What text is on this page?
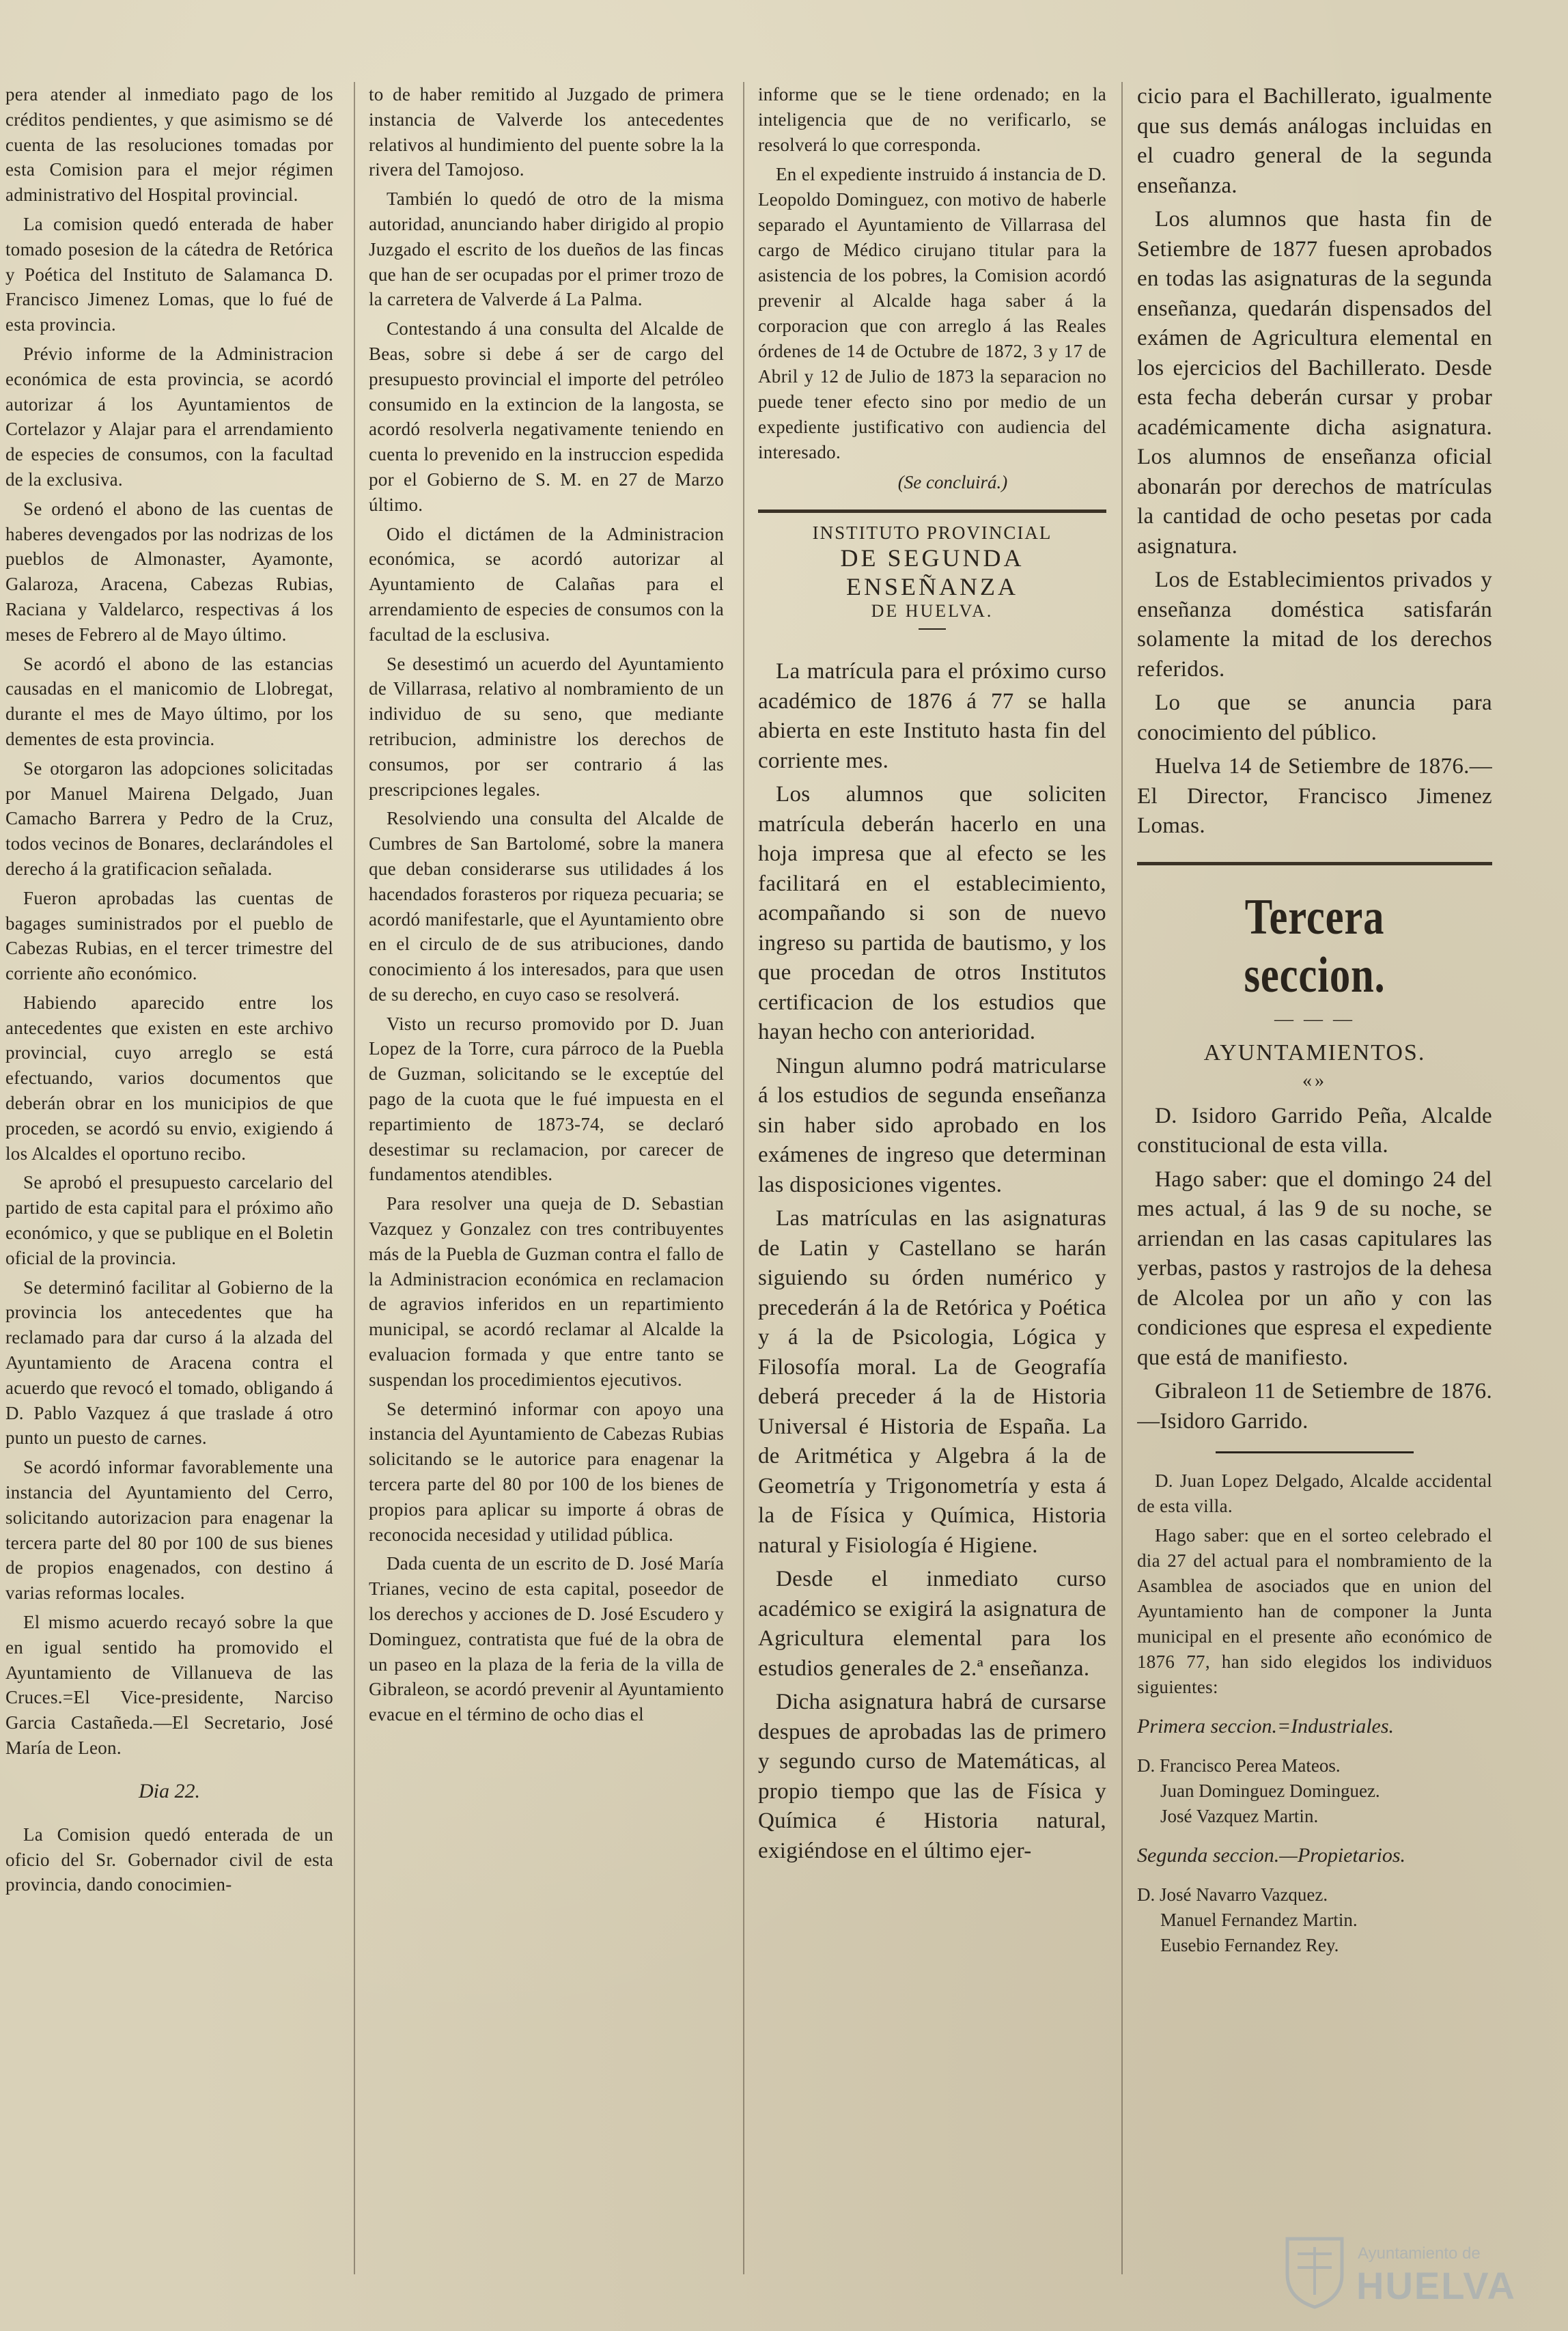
pera atender al inmediato pago de los créditos pendientes, y que asimismo se dé cuenta de las resoluciones tomadas por esta Comision para el mejor régimen administrativo del Hospital provincial.

La comision quedó enterada de haber tomado posesion de la cátedra de Retórica y Poética del Instituto de Salamanca D. Francisco Jimenez Lomas, que lo fué de esta provincia.

Prévio informe de la Administracion económica de esta provincia, se acordó autorizar á los Ayuntamientos de Cortelazor y Alajar para el arrendamiento de especies de consumos, con la facultad de la exclusiva.

Se ordenó el abono de las cuentas de haberes devengados por las nodrizas de los pueblos de Almonaster, Ayamonte, Galaroza, Aracena, Cabezas Rubias, Raciana y Valdelarco, respectivas á los meses de Febrero al de Mayo último.

Se acordó el abono de las estancias causadas en el manicomio de Llobregat, durante el mes de Mayo último, por los dementes de esta provincia.

Se otorgaron las adopciones solicitadas por Manuel Mairena Delgado, Juan Camacho Barrera y Pedro de la Cruz, todos vecinos de Bonares, declarándoles el derecho á la gratificacion señalada.

Fueron aprobadas las cuentas de bagages suministrados por el pueblo de Cabezas Rubias, en el tercer trimestre del corriente año económico.

Habiendo aparecido entre los antecedentes que existen en este archivo provincial, cuyo arreglo se está efectuando, varios documentos que deberán obrar en los municipios de que proceden, se acordó su envio, exigiendo á los Alcaldes el oportuno recibo.

Se aprobó el presupuesto carcelario del partido de esta capital para el próximo año económico, y que se publique en el Boletin oficial de la provincia.

Se determinó facilitar al Gobierno de la provincia los antecedentes que ha reclamado para dar curso á la alzada del Ayuntamiento de Aracena contra el acuerdo que revocó el tomado, obligando á D. Pablo Vazquez á que traslade á otro punto un puesto de carnes.

Se acordó informar favorablemente una instancia del Ayuntamiento del Cerro, solicitando autorizacion para enagenar la tercera parte del 80 por 100 de sus bienes de propios enagenados, con destino á varias reformas locales.

El mismo acuerdo recayó sobre la que en igual sentido ha promovido el Ayuntamiento de Villanueva de las Cruces.=El Vice-presidente, Narciso Garcia Castañeda.—El Secretario, José María de Leon.

Dia 22.

La Comision quedó enterada de un oficio del Sr. Gobernador civil de esta provincia, dando conocimien-

to de haber remitido al Juzgado de primera instancia de Valverde los antecedentes relativos al hundimiento del puente sobre la la rivera del Tamojoso.

También lo quedó de otro de la misma autoridad, anunciando haber dirigido al propio Juzgado el escrito de los dueños de las fincas que han de ser ocupadas por el primer trozo de la carretera de Valverde á La Palma.

Contestando á una consulta del Alcalde de Beas, sobre si debe á ser de cargo del presupuesto provincial el importe del petróleo consumido en la extincion de la langosta, se acordó resolverla negativamente teniendo en cuenta lo prevenido en la instruccion espedida por el Gobierno de S. M. en 27 de Marzo último.

Oido el dictámen de la Administracion económica, se acordó autorizar al Ayuntamiento de Calañas para el arrendamiento de especies de consumos con la facultad de la esclusiva.

Se desestimó un acuerdo del Ayuntamiento de Villarrasa, relativo al nombramiento de un individuo de su seno, que mediante retribucion, administre los derechos de consumos, por ser contrario á las prescripciones legales.

Resolviendo una consulta del Alcalde de Cumbres de San Bartolomé, sobre la manera que deban considerarse sus utilidades á los hacendados forasteros por riqueza pecuaria; se acordó manifestarle, que el Ayuntamiento obre en el circulo de de sus atribuciones, dando conocimiento á los interesados, para que usen de su derecho, en cuyo caso se resolverá.

Visto un recurso promovido por D. Juan Lopez de la Torre, cura párroco de la Puebla de Guzman, solicitando se le exceptúe del pago de la cuota que le fué impuesta en el repartimiento de 1873-74, se declaró desestimar su reclamacion, por carecer de fundamentos atendibles.

Para resolver una queja de D. Sebastian Vazquez y Gonzalez con tres contribuyentes más de la Puebla de Guzman contra el fallo de la Administracion económica en reclamacion de agravios inferidos en un repartimiento municipal, se acordó reclamar al Alcalde la evaluacion formada y que entre tanto se suspendan los procedimientos ejecutivos.

Se determinó informar con apoyo una instancia del Ayuntamiento de Cabezas Rubias solicitando se le autorice para enagenar la tercera parte del 80 por 100 de los bienes de propios para aplicar su importe á obras de reconocida necesidad y utilidad pública.

Dada cuenta de un escrito de D. José María Trianes, vecino de esta capital, poseedor de los derechos y acciones de D. José Escudero y Dominguez, contratista que fué de la obra de un paseo en la plaza de la feria de la villa de Gibraleon, se acordó prevenir al Ayuntamiento evacue en el término de ocho dias el

informe que se le tiene ordenado; en la inteligencia que de no verificarlo, se resolverá lo que corresponda.

En el expediente instruido á instancia de D. Leopoldo Dominguez, con motivo de haberle separado el Ayuntamiento de Villarrasa del cargo de Médico cirujano titular para la asistencia de los pobres, la Comision acordó prevenir al Alcalde haga saber á la corporacion que con arreglo á las Reales órdenes de 14 de Octubre de 1872, 3 y 17 de Abril y 12 de Julio de 1873 la separacion no puede tener efecto sino por medio de un expediente justificativo con audiencia del interesado.

(Se concluirá.)
INSTITUTO PROVINCIAL
DE SEGUNDA ENSEÑANZA
DE HUELVA.

La matrícula para el próximo curso académico de 1876 á 77 se halla abierta en este Instituto hasta fin del corriente mes.

Los alumnos que soliciten matrícula deberán hacerlo en una hoja impresa que al efecto se les facilitará en el establecimiento, acompañando si son de nuevo ingreso su partida de bautismo, y los que procedan de otros Institutos certificacion de los estudios que hayan hecho con anterioridad.

Ningun alumno podrá matricularse á los estudios de segunda enseñanza sin haber sido aprobado en los exámenes de ingreso que determinan las disposiciones vigentes.

Las matrículas en las asignaturas de Latin y Castellano se harán siguiendo su órden numérico y precederán á la de Retórica y Poética y á la de Psicologia, Lógica y Filosofía moral. La de Geografía deberá preceder á la de Historia Universal é Historia de España. La de Aritmética y Algebra á la de Geometría y Trigonometría y esta á la de Física y Química, Historia natural y Fisiología é Higiene.

Desde el inmediato curso académico se exigirá la asignatura de Agricultura elemental para los estudios generales de 2.ª enseñanza.

Dicha asignatura habrá de cursarse despues de aprobadas las de primero y segundo curso de Matemáticas, al propio tiempo que las de Física y Química é Historia natural, exigiéndose en el último ejer-

cicio para el Bachillerato, igualmente que sus demás análogas incluidas en el cuadro general de la segunda enseñanza.

Los alumnos que hasta fin de Setiembre de 1877 fuesen aprobados en todas las asignaturas de la segunda enseñanza, quedarán dispensados del exámen de Agricultura elemental en los ejercicios del Bachillerato. Desde esta fecha deberán cursar y probar académicamente dicha asignatura. Los alumnos de enseñanza oficial abonarán por derechos de matrículas la cantidad de ocho pesetas por cada asignatura.

Los de Establecimientos privados y enseñanza doméstica satisfarán solamente la mitad de los derechos referidos.

Lo que se anuncia para conocimiento del público.

Huelva 14 de Setiembre de 1876.—El Director, Francisco Jimenez Lomas.

Tercera seccion.
— — —
AYUNTAMIENTOS.
«»

D. Isidoro Garrido Peña, Alcalde constitucional de esta villa.

Hago saber: que el domingo 24 del mes actual, á las 9 de su noche, se arriendan en las casas capitulares las yerbas, pastos y rastrojos de la dehesa de Alcolea por un año y con las condiciones que espresa el expediente que está de manifiesto.

Gibraleon 11 de Setiembre de 1876.—Isidoro Garrido.

D. Juan Lopez Delgado, Alcalde accidental de esta villa.

Hago saber: que en el sorteo celebrado el dia 27 del actual para el nombramiento de la Asamblea de asociados que en union del Ayuntamiento han de componer la Junta municipal en el presente año económico de 1876 77, han sido elegidos los individuos siguientes:

Primera seccion.=Industriales.
D. Francisco Perea Mateos.
Juan Dominguez Dominguez.
José Vazquez Martin.
Segunda seccion.—Propietarios.
D. José Navarro Vazquez.
Manuel Fernandez Martin.
Eusebio Fernandez Rey.
Ayuntamiento de
HUELVA
